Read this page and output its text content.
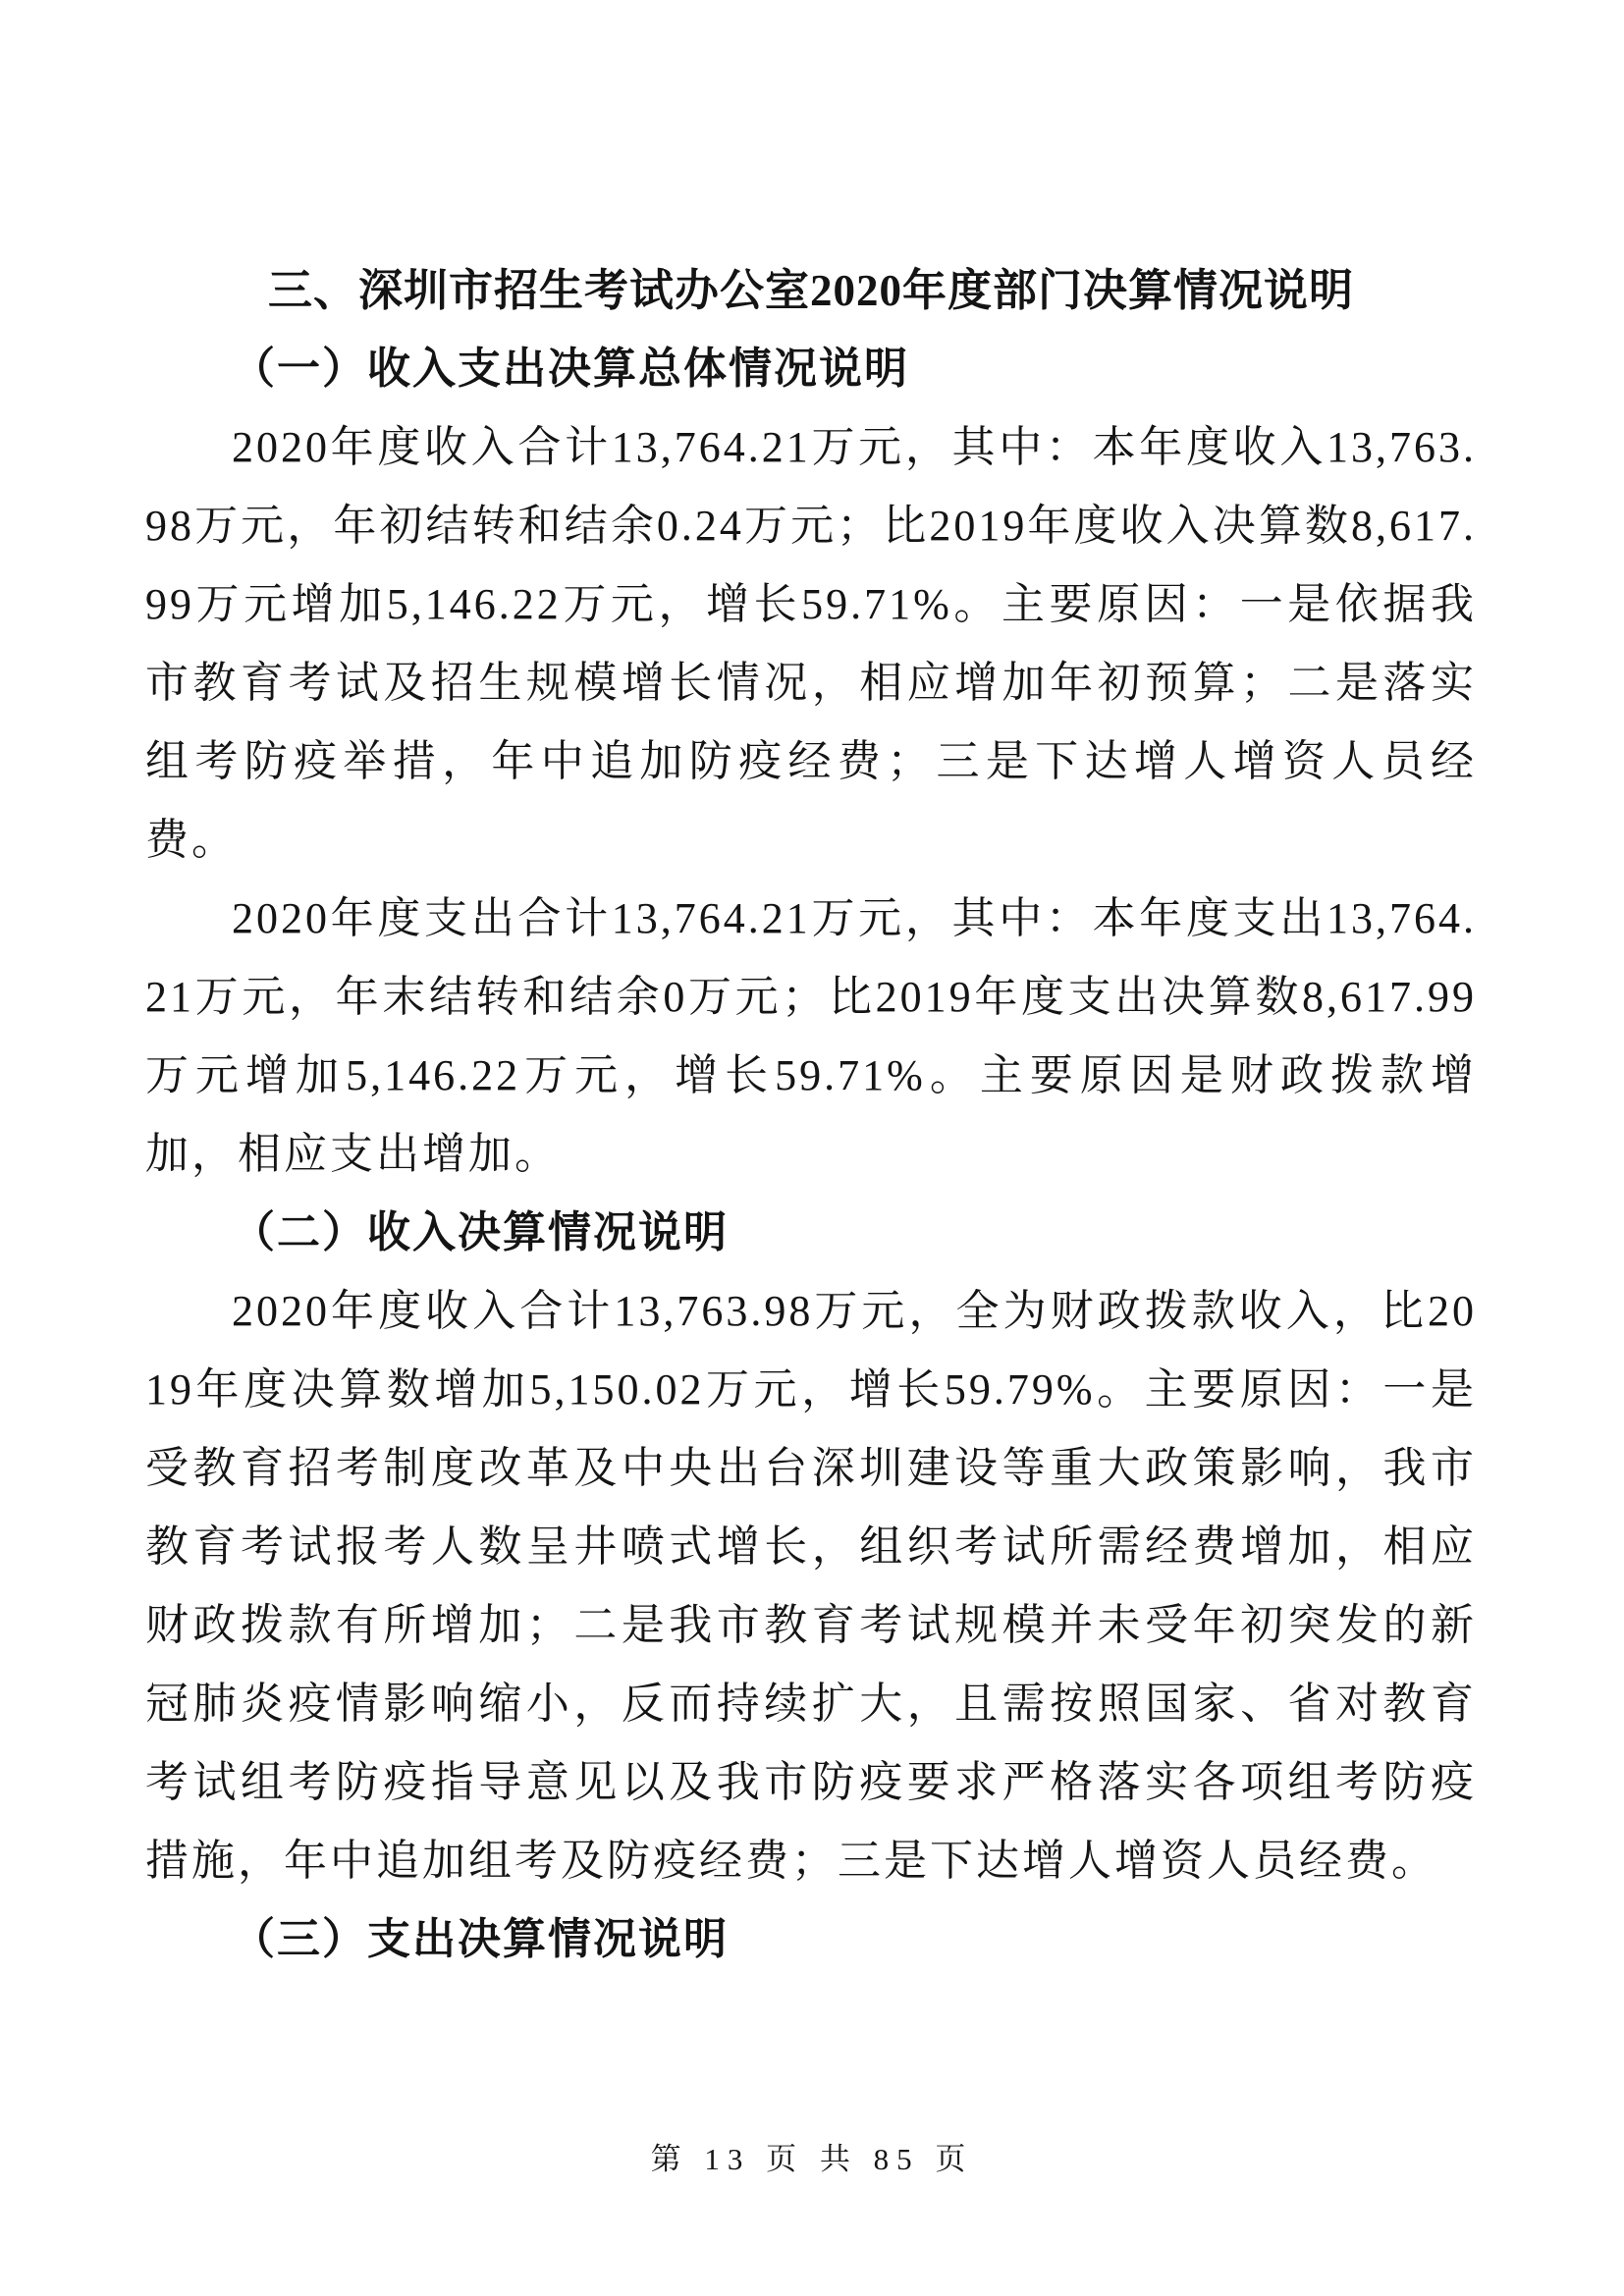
三、深圳市招生考试办公室2020年度部门决算情况说明
（一）收入支出决算总体情况说明

2020年度收入合计13,764.21万元，其中：本年度收入13,763.98万元，年初结转和结余0.24万元；比2019年度收入决算数8,617.99万元增加5,146.22万元，增长59.71%。主要原因：一是依据我市教育考试及招生规模增长情况，相应增加年初预算；二是落实组考防疫举措，年中追加防疫经费；三是下达增人增资人员经费。

2020年度支出合计13,764.21万元，其中：本年度支出13,764.21万元，年末结转和结余0万元；比2019年度支出决算数8,617.99万元增加5,146.22万元，增长59.71%。主要原因是财政拨款增加，相应支出增加。

（二）收入决算情况说明

2020年度收入合计13,763.98万元，全为财政拨款收入，比2019年度决算数增加5,150.02万元，增长59.79%。主要原因：一是受教育招考制度改革及中央出台深圳建设等重大政策影响，我市教育考试报考人数呈井喷式增长，组织考试所需经费增加，相应财政拨款有所增加；二是我市教育考试规模并未受年初突发的新冠肺炎疫情影响缩小，反而持续扩大，且需按照国家、省对教育考试组考防疫指导意见以及我市防疫要求严格落实各项组考防疫措施，年中追加组考及防疫经费；三是下达增人增资人员经费。

（三）支出决算情况说明
第 13 页 共 85 页
